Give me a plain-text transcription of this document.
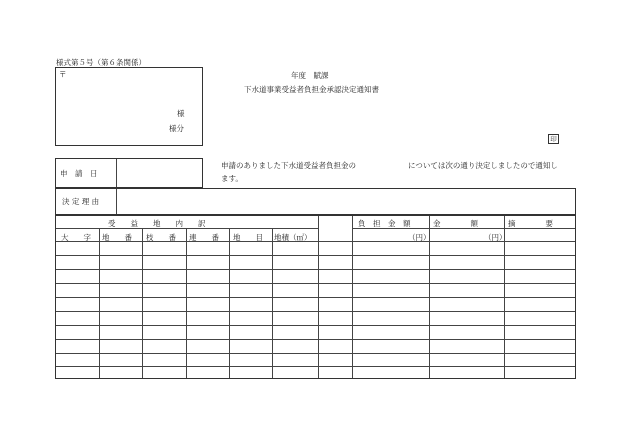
様式第５号（第６条関係）
〒
様
様分
年度　賦課
下水道事業受益者負担金承認決定通知書
印
申　請　日
申請のありました下水道受益者負担金の	については次の通り決定しましたので通知し
ます。
決 定 理 由
受　　益　　地　　内　　訳	負　担　金　額
（円）
金　　　　額
（円）
摘　　　　要
大　　字 地　　番 枝　　番 連　　番 地　　目 地積（㎡）
